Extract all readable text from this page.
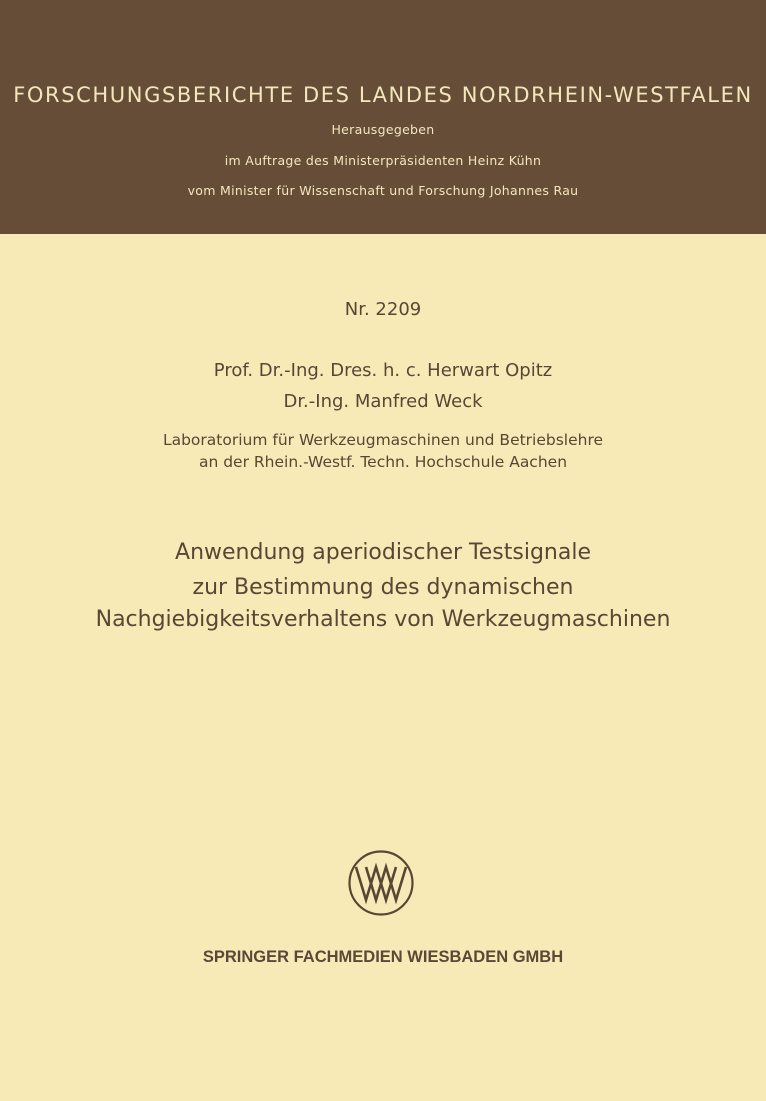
FORSCHUNGSBERICHTE DES LANDES NORDRHEIN-WESTFALEN
Herausgegeben
im Auftrage des Ministerpräsidenten Heinz Kühn
vom Minister für Wissenschaft und Forschung Johannes Rau
Nr. 2209
Prof. Dr.-Ing. Dres. h. c. Herwart Opitz
Dr.-Ing. Manfred Weck
Laboratorium für Werkzeugmaschinen und Betriebslehre
an der Rhein.-Westf. Techn. Hochschule Aachen
Anwendung aperiodischer Testsignale
zur Bestimmung des dynamischen
Nachgiebigkeitsverhaltens von Werkzeugmaschinen
SPRINGER FACHMEDIEN WIESBADEN GMBH
